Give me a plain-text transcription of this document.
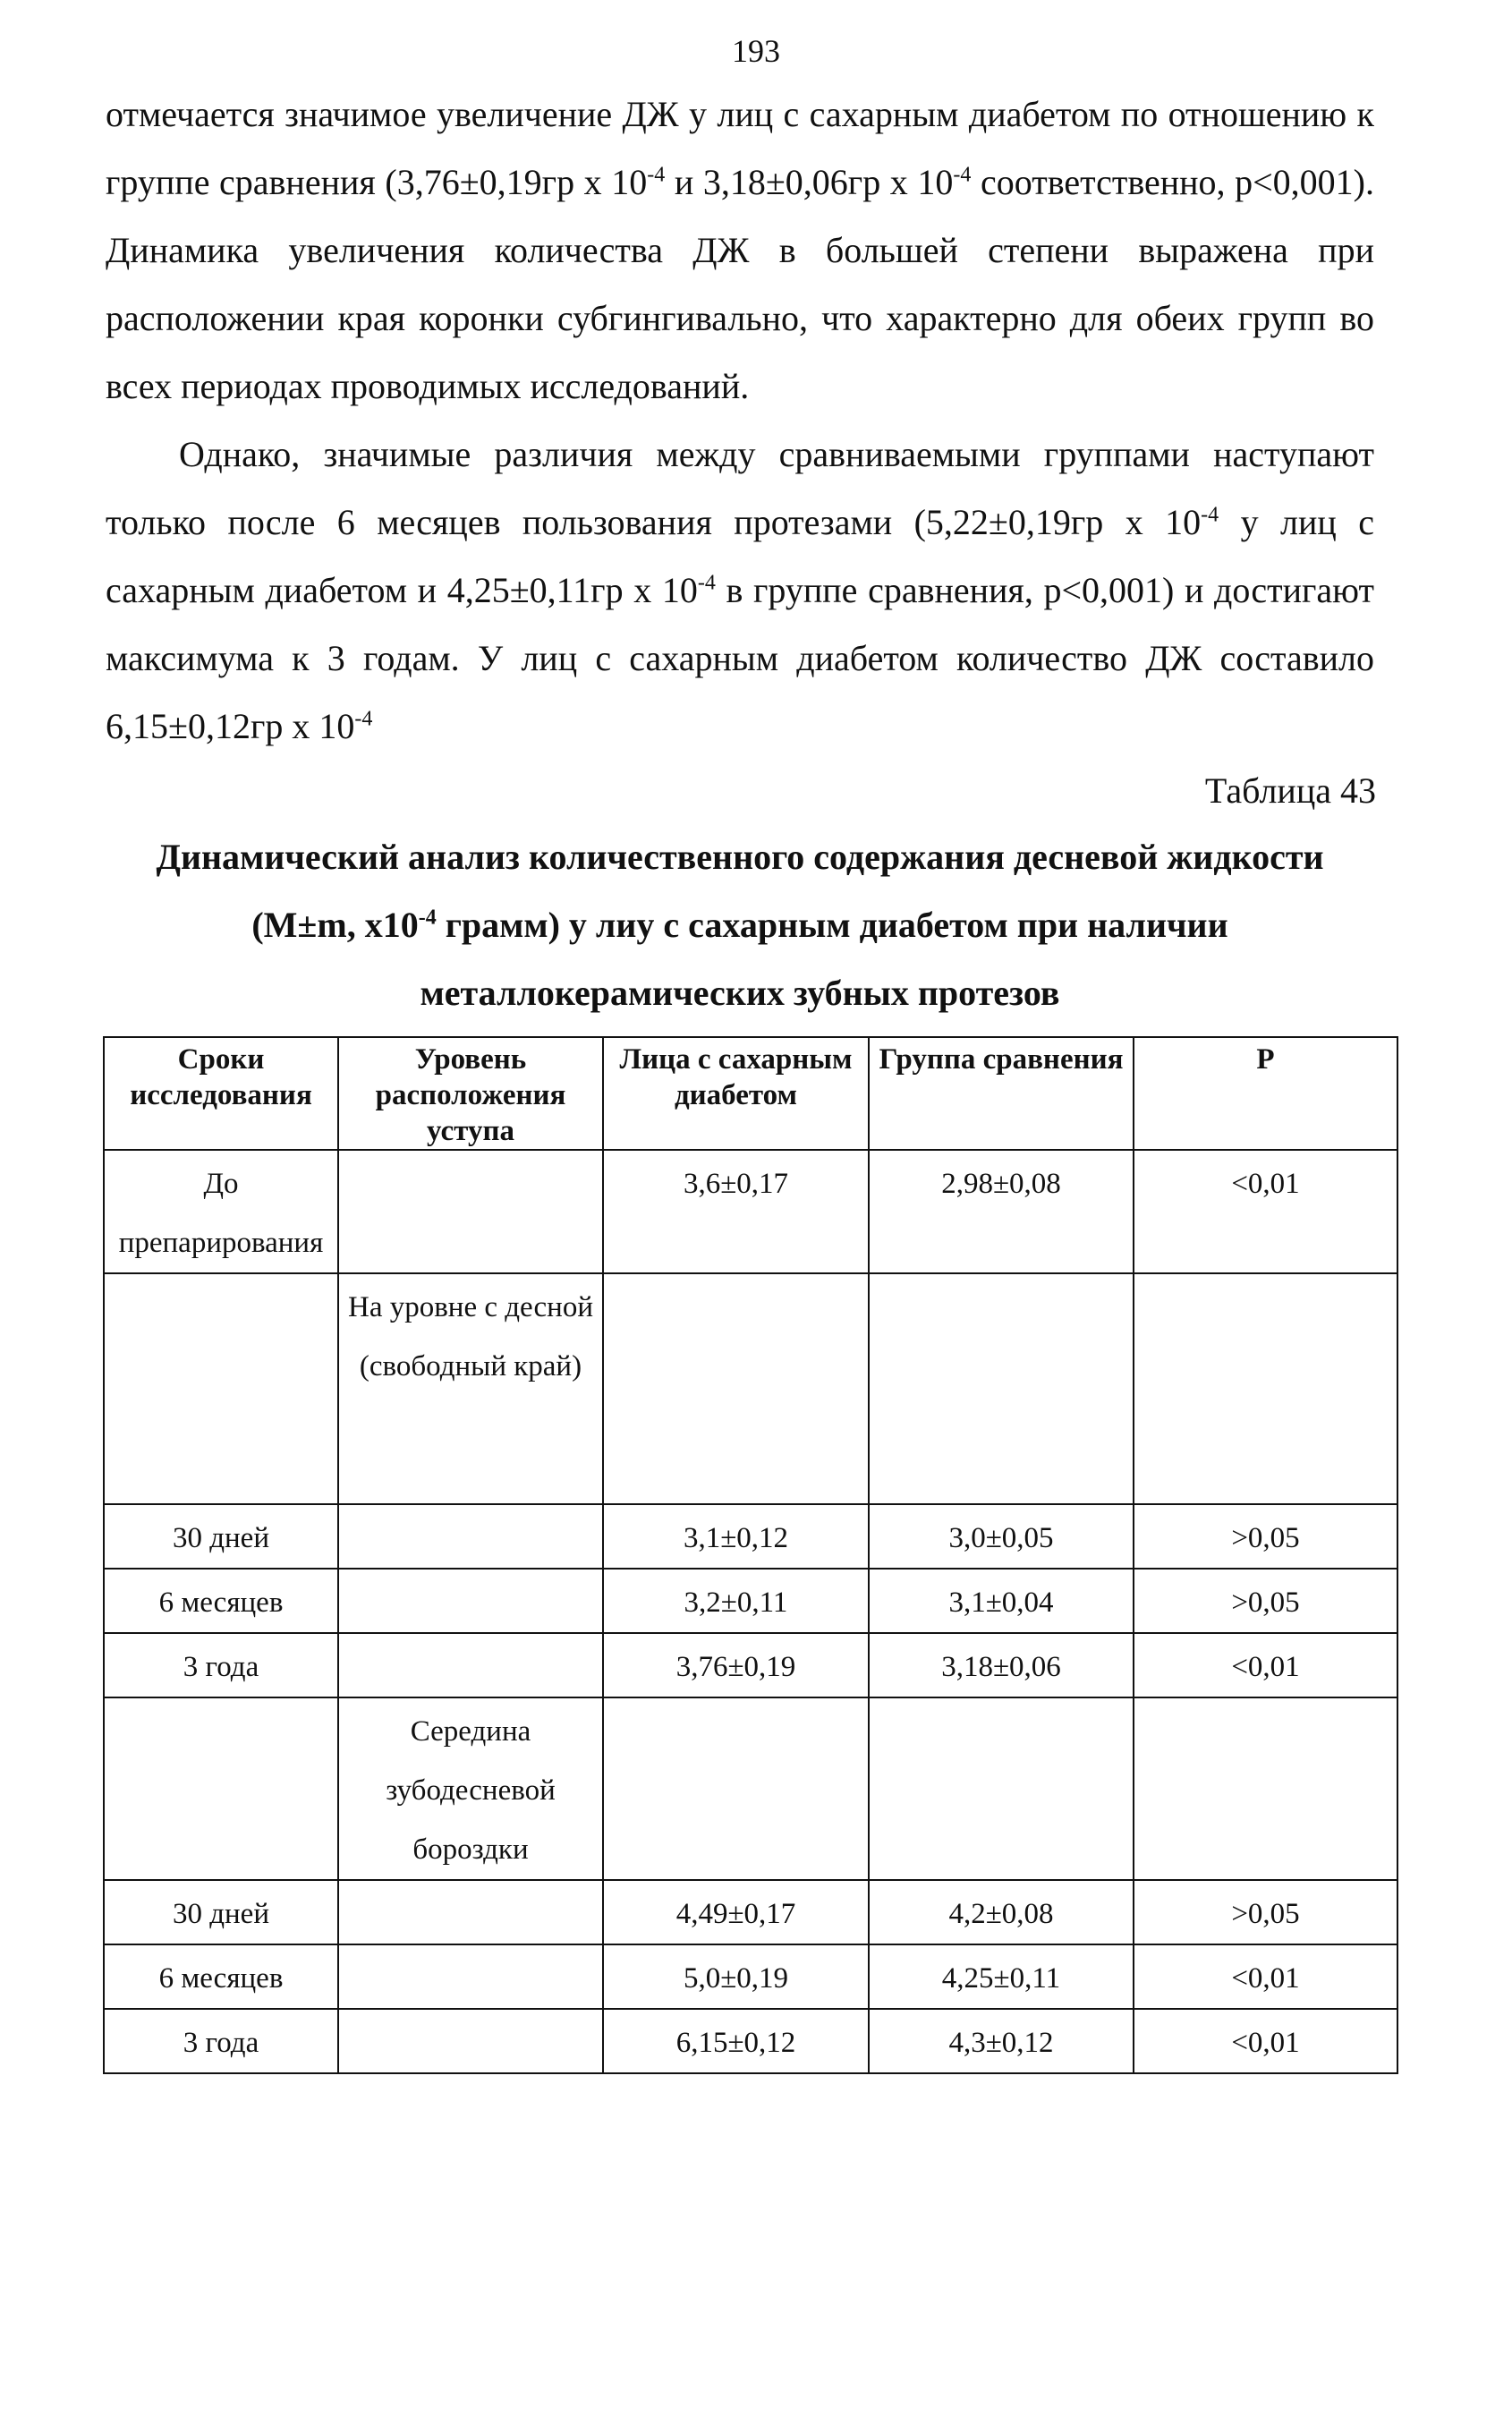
193

отмечается значимое увеличение ДЖ у лиц с сахарным диабетом по отношению к группе сравнения (3,76±0,19гр х $10^{-4}$ и 3,18±0,06гр х $10^{-4}$ соответственно, р<0,001). Динамика увеличения количества ДЖ в большей степени выражена при расположении края коронки субгингивально, что характерно для обеих групп во всех периодах проводимых исследований.

Однако, значимые различия между сравниваемыми группами наступают только после 6 месяцев пользования протезами (5,22±0,19гр х $10^{-4}$ у лиц с сахарным диабетом и 4,25±0,11гр х $10^{-4}$ в группе сравнения, р<0,001) и достигают максимума к 3 годам. У лиц с сахарным диабетом количество ДЖ составило 6,15±0,12гр х $10^{-4}$

Таблица 43
Динамический анализ количественного содержания десневой жидкости (M±m, $x10^{-4}$ грамм) у лиу с сахарным диабетом при наличии металлокерамических зубных протезов
Сроки исследования	Уровень расположения уступа	Лица с сахарным диабетом	Группа сравнения	Р
До препарирования		3,6±0,17	2,98±0,08	<0,01
	На уровне с десной (свободный край)			
30 дней		3,1±0,12	3,0±0,05	>0,05
6 месяцев		3,2±0,11	3,1±0,04	>0,05
3 года		3,76±0,19	3,18±0,06	<0,01
	Середина зубодесневой бороздки			
30 дней		4,49±0,17	4,2±0,08	>0,05
6 месяцев		5,0±0,19	4,25±0,11	<0,01
3 года		6,15±0,12	4,3±0,12	<0,01
